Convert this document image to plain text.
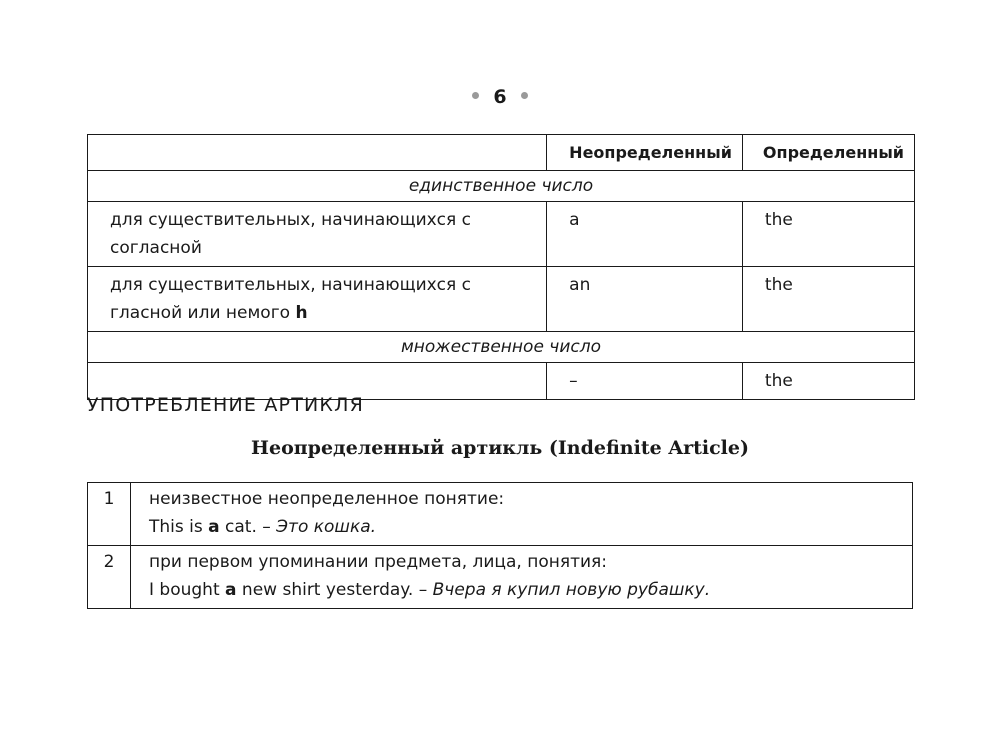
6
	Неопределенный	Определенный
единственное число		
для существительных, начинающихся с согласной	a	the
для существительных, начинающихся с гласной или немого h	an	the
множественное число		
	–	the
УПОТРЕБЛЕНИЕ АРТИКЛЯ
Неопределенный артикль (Indefinite Article)
1	неизвестное неопределенное понятие:
This is a cat. – Это кошка.

2	при первом упоминании предмета, лица, понятия:
I bought a new shirt yesterday. – Вчера я купил новую рубашку.
